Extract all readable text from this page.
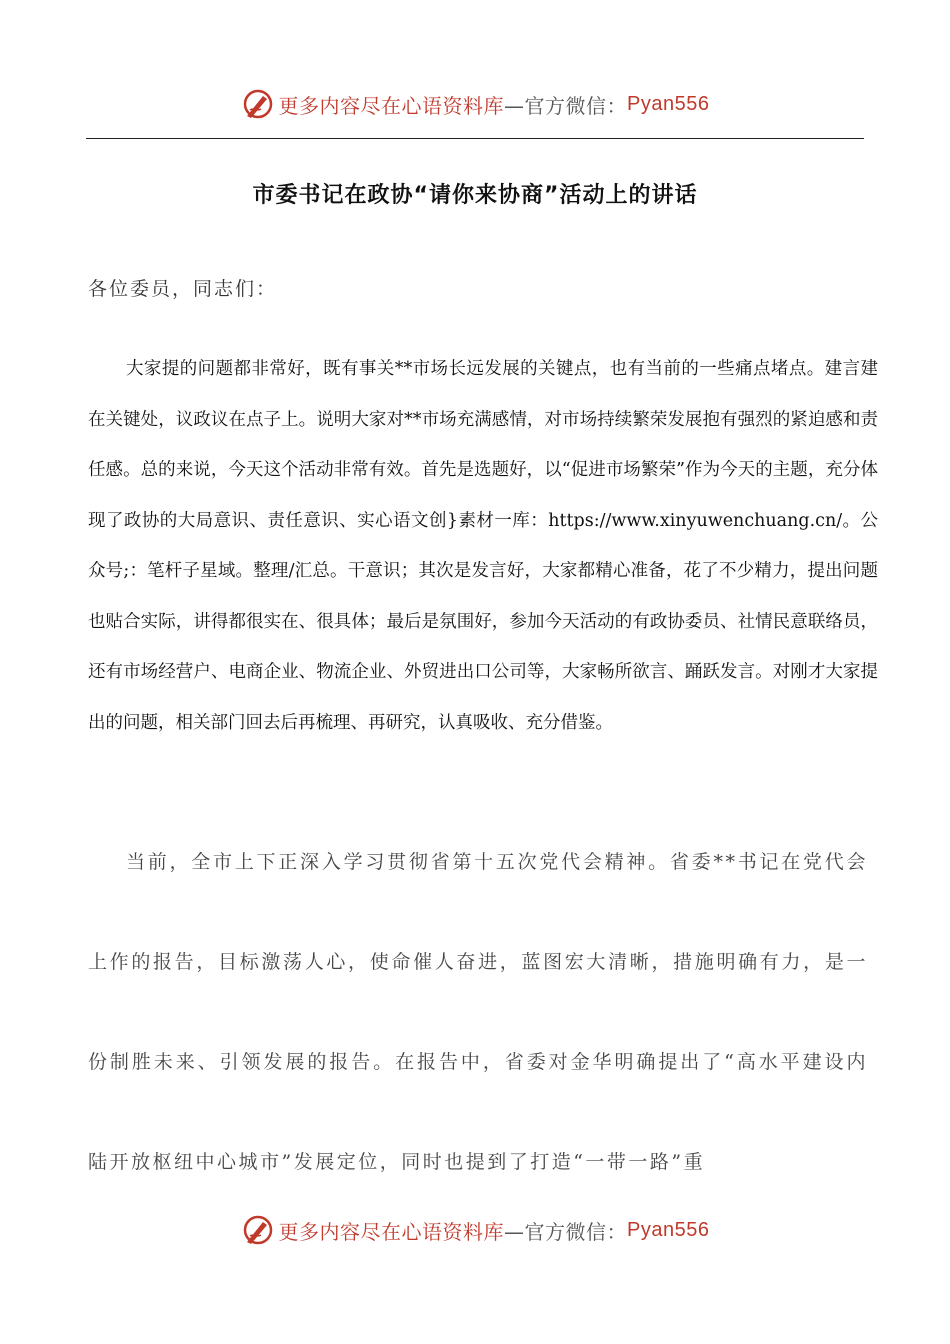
更多内容尽在心语资料库 —官方微信： Pyan556
市委书记在政协“请你来协商”活动上的讲话
各位委员，同志们：
大家提的问题都非常好，既有事关**市场长远发展的关键点，也有当前的一些痛点堵点。建言建在关键处，议政议在点子上。说明大家对**市场充满感情，对市场持续繁荣发展抱有强烈的紧迫感和责任感。总的来说，今天这个活动非常有效。首先是选题好，以“促进市场繁荣”作为今天的主题，充分体现了政协的大局意识、责任意识、实心语文创}素材一库：https://www.xinyuwenchuang.cn/。公众号;：笔杆子星域。整理/汇总。干意识；其次是发言好，大家都精心准备，花了不少精力，提出问题也贴合实际，讲得都很实在、很具体；最后是氛围好，参加今天活动的有政协委员、社情民意联络员，还有市场经营户、电商企业、物流企业、外贸进出口公司等，大家畅所欲言、踊跃发言。对刚才大家提出的问题，相关部门回去后再梳理、再研究，认真吸收、充分借鉴。
当前，全市上下正深入学习贯彻省第十五次党代会精神。省委**书记在党代会上作的报告，目标激荡人心，使命催人奋进，蓝图宏大清晰，措施明确有力，是一份制胜未来、引领发展的报告。在报告中，省委对金华明确提出了“高水平建设内陆开放枢纽中心城市”发展定位，同时也提到了打造“一带一路”重
更多内容尽在心语资料库 —官方微信： Pyan556
